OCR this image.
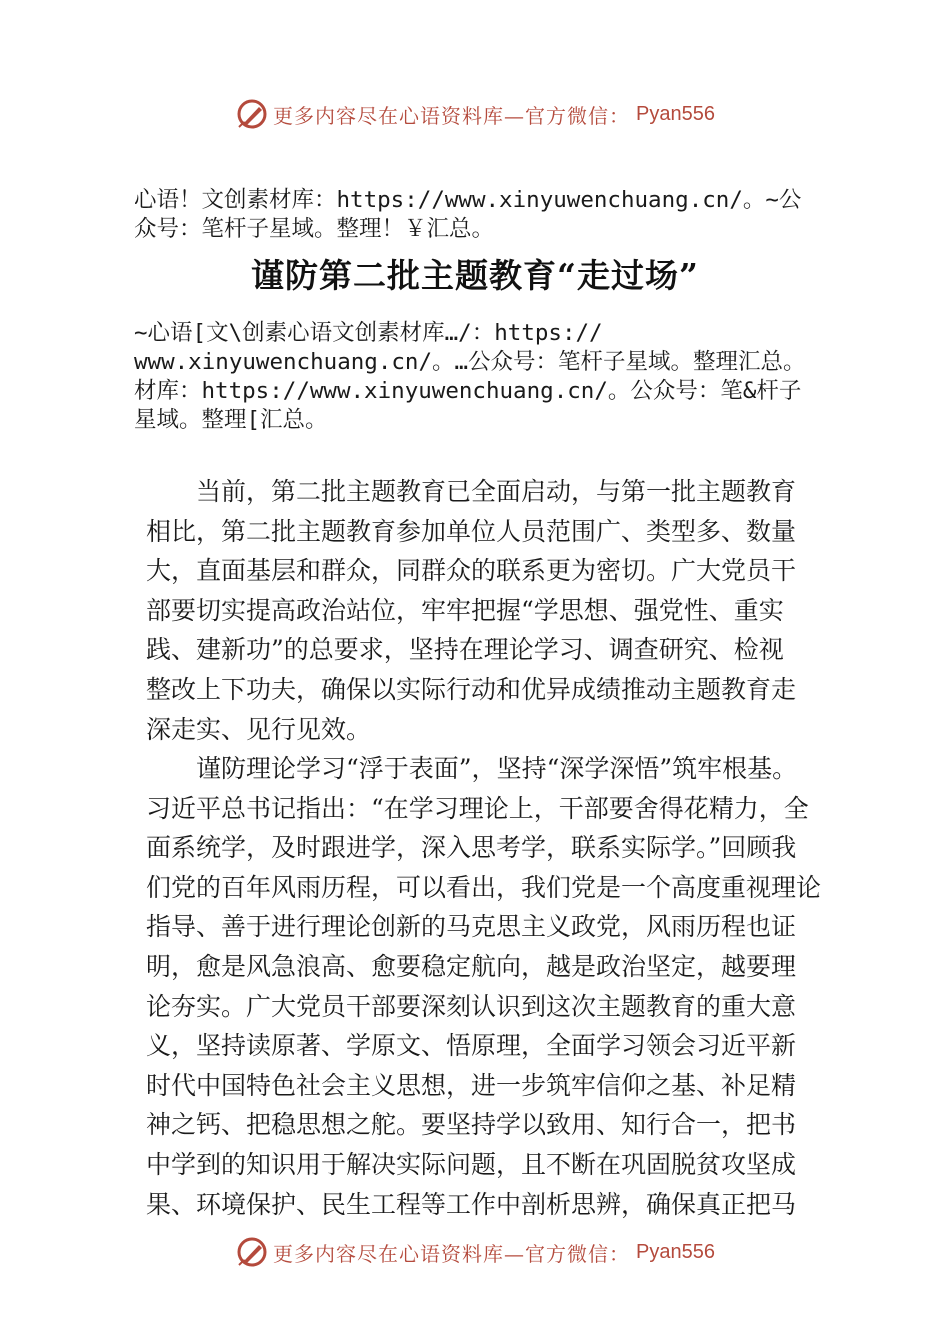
更多内容尽在心语资料库—官方微信： Pyan556
心语！文创素材库：https://www.xinyuwenchuang.cn/。~公
众号：笔杆子星域。整理！￥汇总。
谨防第二批主题教育“走过场”
~心语[文\创素心语文创素材库…/：https://
www.xinyuwenchuang.cn/。…公众号：笔杆子星域。整理汇总。
材库：https://www.xinyuwenchuang.cn/。公众号：笔&杆子
星域。整理[汇总。
当前，第二批主题教育已全面启动，与第一批主题教育
相比，第二批主题教育参加单位人员范围广、类型多、数量
大，直面基层和群众，同群众的联系更为密切。广大党员干
部要切实提高政治站位，牢牢把握“学思想、强党性、重实
践、建新功”的总要求，坚持在理论学习、调查研究、检视
整改上下功夫，确保以实际行动和优异成绩推动主题教育走
深走实、见行见效。
谨防理论学习“浮于表面”，坚持“深学深悟”筑牢根基。
习近平总书记指出：“在学习理论上，干部要舍得花精力，全
面系统学，及时跟进学，深入思考学，联系实际学。”回顾我
们党的百年风雨历程，可以看出，我们党是一个高度重视理论
指导、善于进行理论创新的马克思主义政党，风雨历程也证
明，愈是风急浪高、愈要稳定航向，越是政治坚定，越要理
论夯实。广大党员干部要深刻认识到这次主题教育的重大意
义，坚持读原著、学原文、悟原理，全面学习领会习近平新
时代中国特色社会主义思想，进一步筑牢信仰之基、补足精
神之钙、把稳思想之舵。要坚持学以致用、知行合一，把书
中学到的知识用于解决实际问题，且不断在巩固脱贫攻坚成
果、环境保护、民生工程等工作中剖析思辨，确保真正把马
更多内容尽在心语资料库—官方微信： Pyan556
